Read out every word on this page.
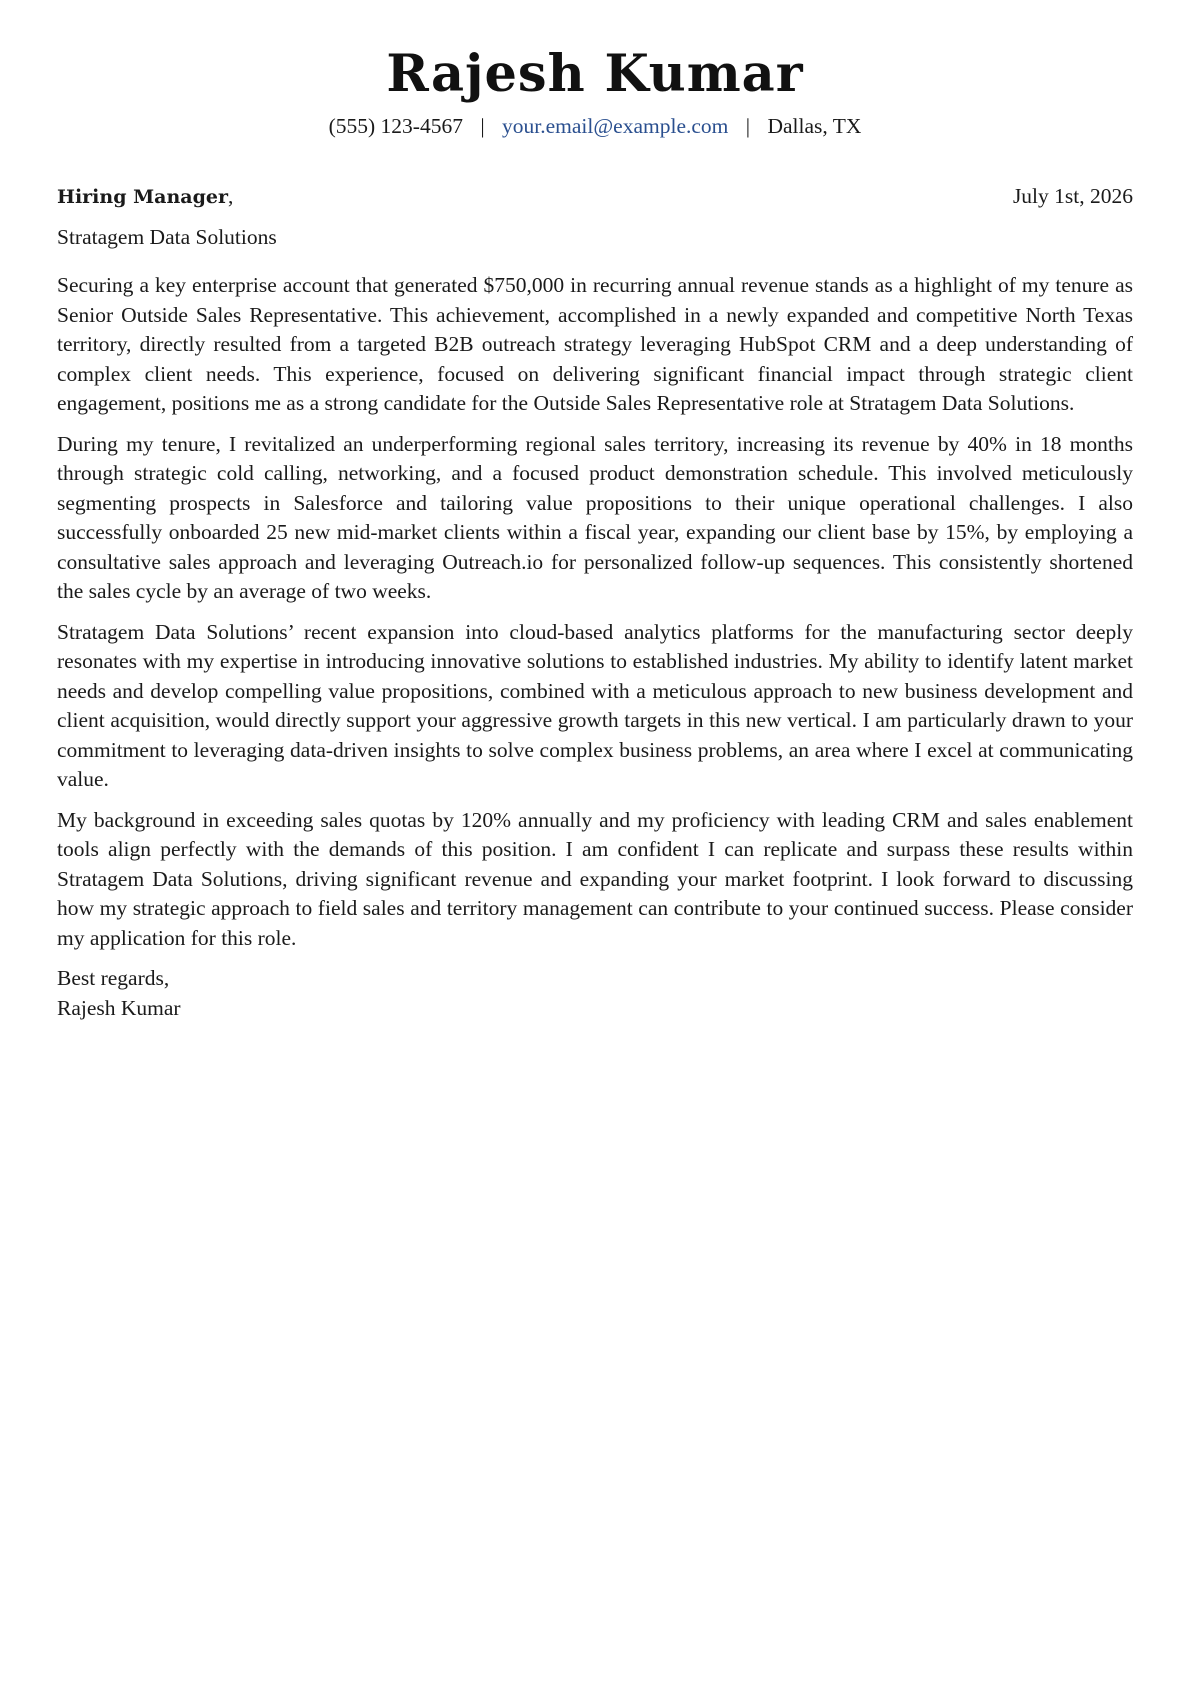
Rajesh Kumar
(555) 123-4567 | your.email@example.com | Dallas, TX
Hiring Manager,	July 1st, 2026
Stratagem Data Solutions

Securing a key enterprise account that generated $750,000 in recurring annual revenue stands as a highlight of my tenure as Senior Outside Sales Representative. This achievement, accomplished in a newly expanded and competitive North Texas territory, directly resulted from a targeted B2B outreach strategy leveraging HubSpot CRM and a deep understanding of complex client needs. This experience, focused on delivering significant financial impact through strategic client engagement, positions me as a strong candidate for the Outside Sales Representative role at Stratagem Data Solutions.

During my tenure, I revitalized an underperforming regional sales territory, increasing its revenue by 40% in 18 months through strategic cold calling, networking, and a focused product demonstration schedule. This involved meticulously segmenting prospects in Salesforce and tailoring value propositions to their unique operational challenges. I also successfully onboarded 25 new mid-market clients within a fiscal year, expanding our client base by 15%, by employing a consultative sales approach and leveraging Outreach.io for personalized follow-up sequences. This consistently shortened the sales cycle by an average of two weeks.

Stratagem Data Solutions’ recent expansion into cloud-based analytics platforms for the manufacturing sector deeply resonates with my expertise in introducing innovative solutions to established industries. My ability to identify latent market needs and develop compelling value propositions, combined with a meticulous approach to new business development and client acquisition, would directly support your aggressive growth targets in this new vertical. I am particularly drawn to your commitment to leveraging data-driven insights to solve complex business problems, an area where I excel at communicating value.

My background in exceeding sales quotas by 120% annually and my proficiency with leading CRM and sales enablement tools align perfectly with the demands of this position. I am confident I can replicate and surpass these results within Stratagem Data Solutions, driving significant revenue and expanding your market footprint. I look forward to discussing how my strategic approach to field sales and territory management can contribute to your continued success. Please consider my application for this role.

Best regards,
Rajesh Kumar
